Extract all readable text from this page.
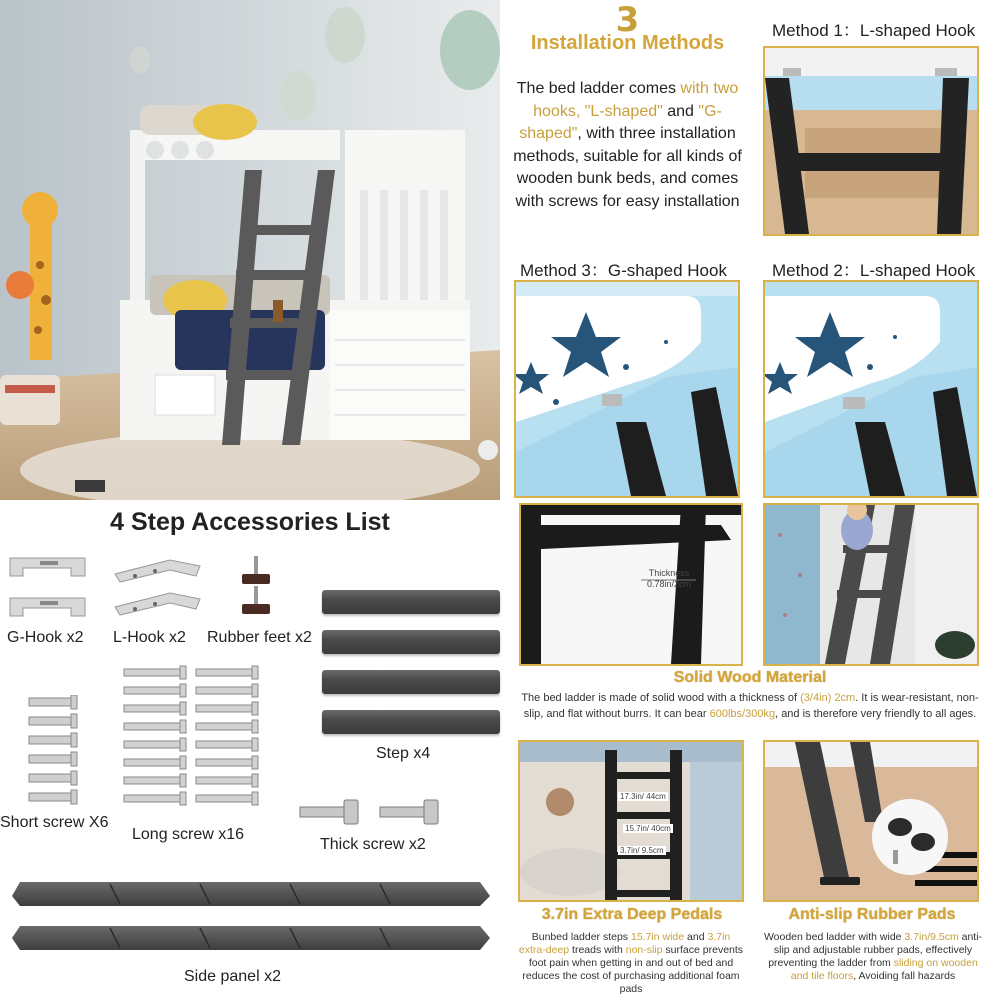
3
Installation Methods
The bed ladder comes with two hooks, "L-shaped" and "G-shaped", with three installation methods, suitable for all kinds of wooden bunk beds, and comes with screws for easy installation
Method 1：L-shaped Hook
Method 3：G-shaped Hook	Method 2：L-shaped Hook
4 Step Accessories List
G-Hook x2 L-Hook x2 Rubber feet x2
Step x4
Short screw X6
Long screw x16
Thick screw x2
Side panel x2
Thickness 0.78in/2cm
Solid Wood Material
The bed ladder is made of solid wood with a thickness of (3/4in) 2cm. It is wear-resistant, non-slip, and flat without burrs. It can bear 600lbs/300kg, and is therefore very friendly to all ages.
17.3in/ 44cm
15.7in/ 40cm
3.7in/ 9.5cm
3.7in Extra Deep Pedals
Bunbed ladder steps 15.7in wide and 3.7in extra-deep treads with non-slip surface prevents foot pain when getting in and out of bed and reduces the cost of purchasing additional foam pads
Anti-slip Rubber Pads
Wooden bed ladder with wide 3.7in/9.5cm anti-slip and adjustable rubber pads, effectively preventing the ladder from sliding on wooden and tile floors, Avoiding fall hazards
